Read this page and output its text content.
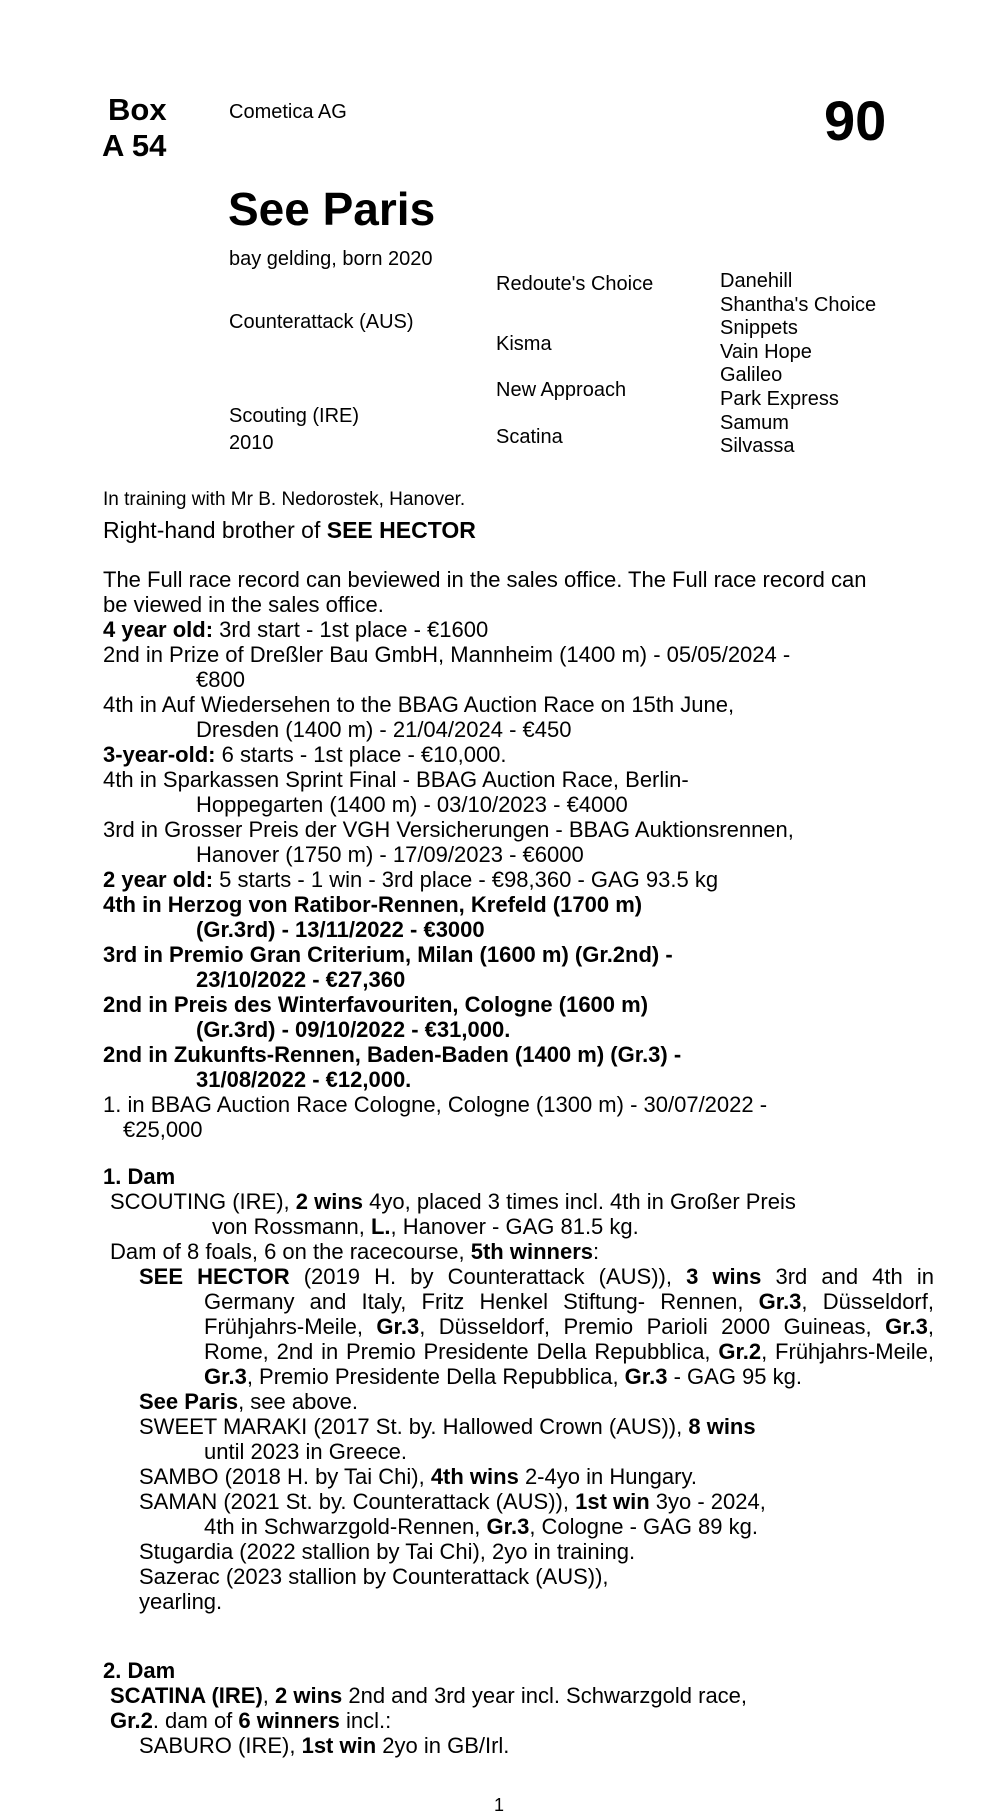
Box
A 54
Cometica AG	90
See Paris
bay gelding, born 2020
Counterattack (AUS)
Scouting (IRE)
2010
Redoute's Choice
Kisma
New Approach
Scatina
Danehill
Shantha's Choice
Snippets
Vain Hope
Galileo
Park Express
Samum
Silvassa
In training with Mr B. Nedorostek, Hanover.
Right-hand brother of SEE HECTOR

The Full race record can beviewed in the sales office. The Full race record can be viewed in the sales office.

4 year old: 3rd start - 1st place - €1600

2nd in Prize of Dreßler Bau GmbH, Mannheim (1400 m) - 05/05/2024 -

€800

4th in Auf Wiedersehen to the BBAG Auction Race on 15th June,

Dresden (1400 m) - 21/04/2024 - €450

3-year-old: 6 starts - 1st place - €10,000.

4th in Sparkassen Sprint Final - BBAG Auction Race, Berlin-

Hoppegarten (1400 m) - 03/10/2023 - €4000

3rd in Grosser Preis der VGH Versicherungen - BBAG Auktionsrennen,

Hanover (1750 m) - 17/09/2023 - €6000

2 year old: 5 starts - 1 win - 3rd place - €98,360 - GAG 93.5 kg

4th in Herzog von Ratibor-Rennen, Krefeld (1700 m)

(Gr.3rd) - 13/11/2022 - €3000

3rd in Premio Gran Criterium, Milan (1600 m) (Gr.2nd) -

23/10/2022 - €27,360

2nd in Preis des Winterfavouriten, Cologne (1600 m)

(Gr.3rd) - 09/10/2022 - €31,000.

2nd in Zukunfts-Rennen, Baden-Baden (1400 m) (Gr.3) -

31/08/2022 - €12,000.

1. in BBAG Auction Race Cologne, Cologne (1300 m) - 30/07/2022 -

€25,000

1. Dam

SCOUTING (IRE), 2 wins 4yo, placed 3 times incl. 4th in Großer Preis

von Rossmann, L., Hanover - GAG 81.5 kg.

Dam of 8 foals, 6 on the racecourse, 5th winners:

SEE HECTOR (2019 H. by Counterattack (AUS)), 3 wins 3rd and 4th in Germany and Italy, Fritz Henkel Stiftung- Rennen, Gr.3, Düsseldorf, Frühjahrs-Meile, Gr.3, Düsseldorf, Premio Parioli 2000 Guineas, Gr.3, Rome, 2nd in Premio Presidente Della Repubblica, Gr.2, Frühjahrs-Meile, Gr.3, Premio Presidente Della Repubblica, Gr.3 - GAG 95 kg.

See Paris, see above.

SWEET MARAKI (2017 St. by. Hallowed Crown (AUS)), 8 wins

until 2023 in Greece.

SAMBO (2018 H. by Tai Chi), 4th wins 2-4yo in Hungary.

SAMAN (2021 St. by. Counterattack (AUS)), 1st win 3yo - 2024,

4th in Schwarzgold-Rennen, Gr.3, Cologne - GAG 89 kg.

Stugardia (2022 stallion by Tai Chi), 2yo in training.

Sazerac (2023 stallion by Counterattack (AUS)),

yearling.

2. Dam

SCATINA (IRE), 2 wins 2nd and 3rd year incl. Schwarzgold race,

Gr.2. dam of 6 winners incl.:

SABURO (IRE), 1st win 2yo in GB/Irl.

1
